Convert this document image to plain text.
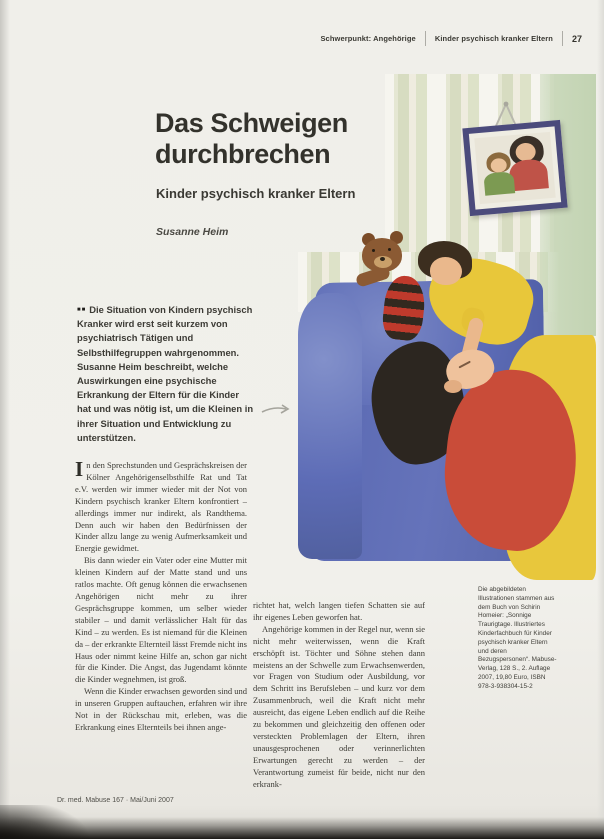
Schwerpunkt: Angehörige	Kinder psychisch kranker Eltern 27
Das Schweigen
durchbrechen
Kinder psychisch kranker Eltern
Susanne Heim
■■ Die Situation von Kindern psychisch Kranker wird erst seit kurzem von psychiatrisch Tätigen und Selbsthilfegruppen wahrgenommen. Susanne Heim beschreibt, welche Auswirkungen eine psychische Erkrankung der Eltern für die Kinder hat und was nötig ist, um die Kleinen in ihrer Situation und Entwicklung zu unterstützen.

In den Sprechstunden und Gesprächskreisen der Kölner Angehörigenselbsthilfe Rat und Tat e.V. werden wir immer wieder mit der Not von Kindern psychisch kranker Eltern konfrontiert – allerdings immer nur indirekt, als Randthema. Denn auch wir haben den Bedürfnissen der Kinder allzu lange zu wenig Aufmerksamkeit und Energie gewidmet.

Bis dann wieder ein Vater oder eine Mutter mit kleinen Kindern auf der Matte stand und uns ratlos machte. Oft genug können die erwachsenen Angehörigen nicht mehr zu ihrer Gesprächsgruppe kommen, um selber wieder stabiler – und damit verlässlicher Halt für das Kind – zu werden. Es ist niemand für die Kleinen da – der erkrankte Elternteil lässt Fremde nicht ins Haus oder nimmt keine Hilfe an, schon gar nicht für die Kinder. Die Angst, das Jugendamt könnte die Kinder wegnehmen, ist groß.

Wenn die Kinder erwachsen geworden sind und in unseren Gruppen auftauchen, erfahren wir ihre Not in der Rückschau mit, erleben, was die Erkrankung eines Elternteils bei ihnen ange-

richtet hat, welch langen tiefen Schatten sie auf ihr eigenes Leben geworfen hat.

Angehörige kommen in der Regel nur, wenn sie nicht mehr weiterwissen, wenn die Kraft erschöpft ist. Töchter und Söhne stehen dann meistens an der Schwelle zum Erwachsenwerden, vor Fragen von Studium oder Ausbildung, vor dem Schritt ins Berufsleben – und kurz vor dem Zusammenbruch, weil die Kraft nicht mehr ausreicht, das eigene Leben endlich auf die Reihe zu bekommen und gleichzeitig den offenen oder versteckten Problemlagen der Eltern, ihren unausgesprochenen oder verinnerlichten Erwartungen gerecht zu werden – der Verantwortung zumeist für beide, nicht nur den erkrank-

Die abgebildeten Illustrationen stammen aus dem Buch von Schirin Homeier: „Sonnige Traurigtage. Illustriertes Kinderfachbuch für Kinder psychisch kranker Eltern und deren Bezugspersonen“. Mabuse-Verlag, 128 S., 2. Auflage 2007, 19,80 Euro, ISBN 978-3-938304-15-2
Dr. med. Mabuse 167 · Mai/Juni 2007
